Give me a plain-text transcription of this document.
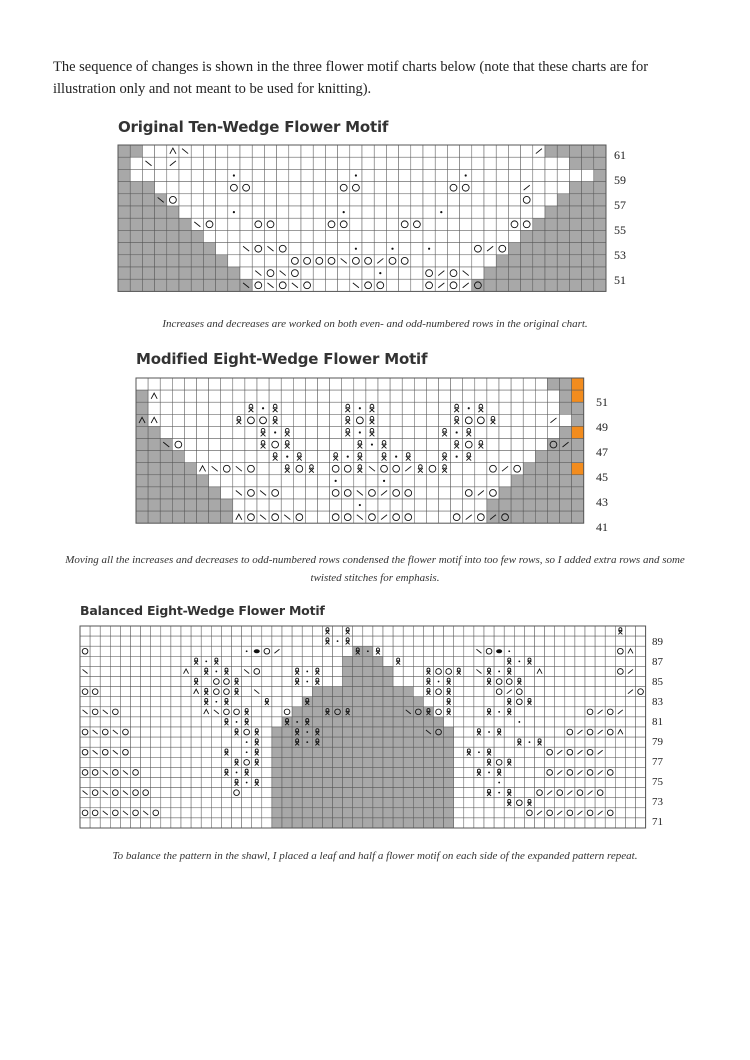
The sequence of changes is shown in the three flower motif charts below (note that these charts are for illustration only and not meant to be used for knitting).

Original Ten-Wedge Flower Motif
61
59
57
55
53
51

Increases and decreases are worked on both even- and odd-numbered rows in the original chart.

Modified Eight-Wedge Flower Motif
51
49
47
45
43
41

Moving all the increases and decreases to odd-numbered rows condensed the flower motif into too few rows, so I added extra rows and some twisted stitches for emphasis.

Balanced Eight-Wedge Flower Motif
89
87
85
83
81
79
77
75
73
71

To balance the pattern in the shawl, I placed a leaf and half a flower motif on each side of the expanded pattern repeat.
